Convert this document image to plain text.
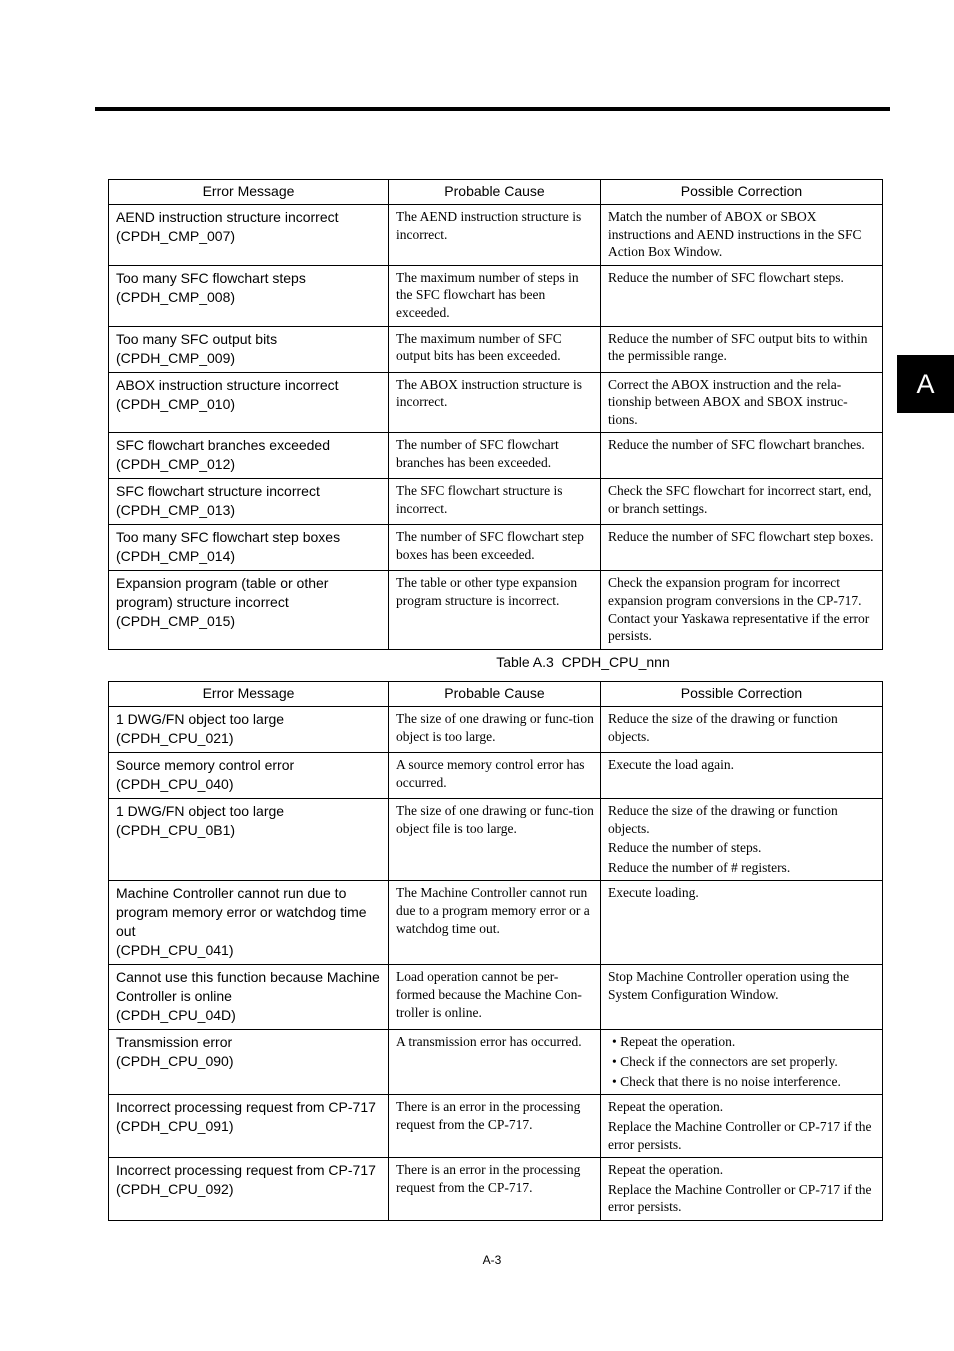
A
Error Message	Probable Cause	Possible Correction

AEND instruction structure incorrect
(CPDH_CMP_007)	The AEND instruction structure is incorrect.	Match the number of ABOX or SBOX instructions and AEND instructions in the SFC Action Box Window.

Too many SFC flowchart steps
(CPDH_CMP_008)	The maximum number of steps in the SFC flowchart has been exceeded.	Reduce the number of SFC flowchart steps.

Too many SFC output bits
(CPDH_CMP_009)	The maximum number of SFC output bits has been exceeded.	Reduce the number of SFC output bits to within the permissible range.

ABOX instruction structure incorrect
(CPDH_CMP_010)	The ABOX instruction structure is incorrect.	Correct the ABOX instruction and the rela-tionship between ABOX and SBOX instruc-tions.

SFC flowchart branches exceeded
(CPDH_CMP_012)	The number of SFC flowchart branches has been exceeded.	Reduce the number of SFC flowchart branches.

SFC flowchart structure incorrect
(CPDH_CMP_013)	The SFC flowchart structure is incorrect.	Check the SFC flowchart for incorrect start, end, or branch settings.

Too many SFC flowchart step boxes
(CPDH_CMP_014)	The number of SFC flowchart step boxes has been exceeded.	Reduce the number of SFC flowchart step boxes.

Expansion program (table or other program) structure incorrect
(CPDH_CMP_015)	The table or other type expansion program structure is incorrect.	Check the expansion program for incorrect expansion program conversions in the CP-717. Contact your Yaskawa representative if the error persists.
Table A.3  CPDH_CPU_nnn
Error Message	Probable Cause	Possible Correction

1 DWG/FN object too large
(CPDH_CPU_021)	The size of one drawing or func-tion object is too large.	Reduce the size of the drawing or function objects.

Source memory control error
(CPDH_CPU_040)	A source memory control error has occurred.	Execute the load again.

1 DWG/FN object too large
(CPDH_CPU_0B1)	The size of one drawing or func-tion object file is too large.	Reduce the size of the drawing or function objects.
Reduce the number of steps.
Reduce the number of # registers.

Machine Controller cannot run due to program memory error or watchdog time out
(CPDH_CPU_041)	The Machine Controller cannot run due to a program memory error or a watchdog time out.	Execute loading.

Cannot use this function because Machine Controller is online
(CPDH_CPU_04D)	Load operation cannot be per-formed because the Machine Con-troller is online.	Stop Machine Controller operation using the System Configuration Window.

Transmission error
(CPDH_CPU_090)	A transmission error has occurred.	• Repeat the operation.
• Check if the connectors are set properly.
• Check that there is no noise interference.

Incorrect processing request from CP-717
(CPDH_CPU_091)	There is an error in the processing request from the CP-717.	Repeat the operation.
Replace the Machine Controller or CP-717 if the error persists.

Incorrect processing request from CP-717
(CPDH_CPU_092)	There is an error in the processing request from the CP-717.	Repeat the operation.
Replace the Machine Controller or CP-717 if the error persists.
A-3
